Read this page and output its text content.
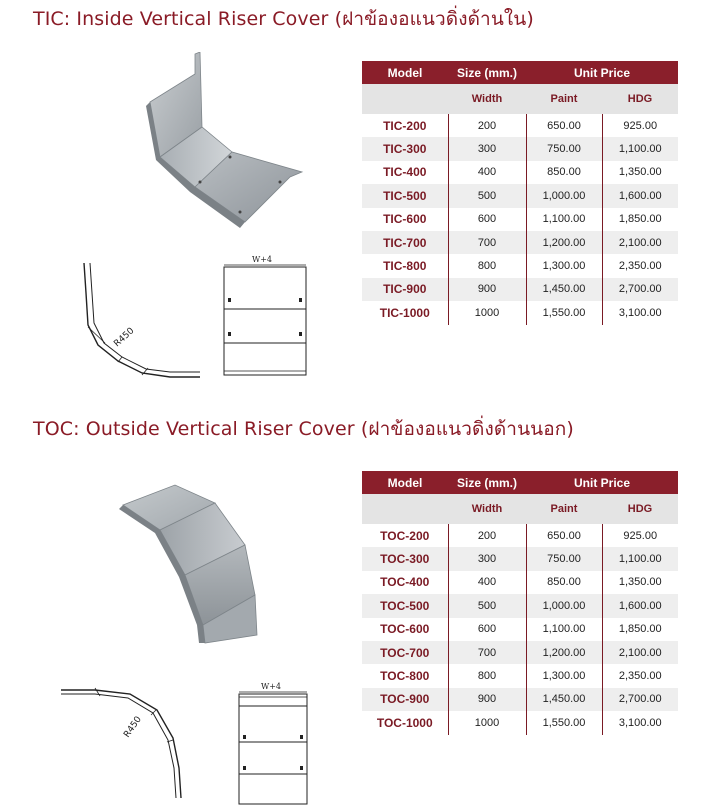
TIC: Inside Vertical Riser Cover (ฝาข้องอแนวดิ่งด้านใน)
R450
W+4
Model	Size (mm.)	Unit Price	
	Width	Paint	HDG
TIC-200	200	650.00	925.00
TIC-300	300	750.00	1,100.00
TIC-400	400	850.00	1,350.00
TIC-500	500	1,000.00	1,600.00
TIC-600	600	1,100.00	1,850.00
TIC-700	700	1,200.00	2,100.00
TIC-800	800	1,300.00	2,350.00
TIC-900	900	1,450.00	2,700.00
TIC-1000	1000	1,550.00	3,100.00
TOC: Outside Vertical Riser Cover (ฝาข้องอแนวดิ่งด้านนอก)
R450
W+4
Model	Size (mm.)	Unit Price	
	Width	Paint	HDG
TOC-200	200	650.00	925.00
TOC-300	300	750.00	1,100.00
TOC-400	400	850.00	1,350.00
TOC-500	500	1,000.00	1,600.00
TOC-600	600	1,100.00	1,850.00
TOC-700	700	1,200.00	2,100.00
TOC-800	800	1,300.00	2,350.00
TOC-900	900	1,450.00	2,700.00
TOC-1000	1000	1,550.00	3,100.00
